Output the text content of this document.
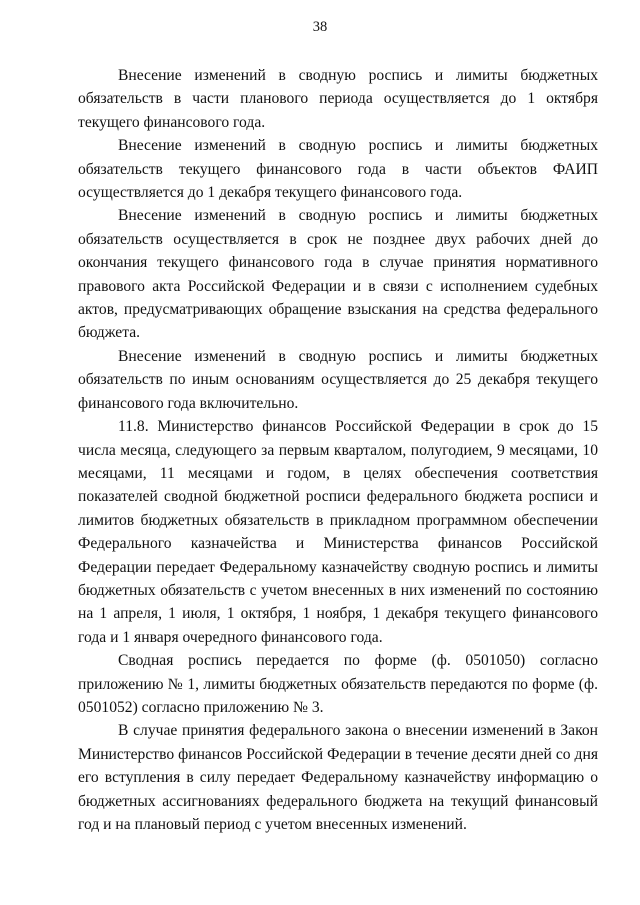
38

Внесение изменений в сводную роспись и лимиты бюджетных обязательств в части планового периода осуществляется до 1 октября текущего финансового года.

Внесение изменений в сводную роспись и лимиты бюджетных обязательств текущего финансового года в части объектов ФАИП осуществляется до 1 декабря текущего финансового года.

Внесение изменений в сводную роспись и лимиты бюджетных обязательств осуществляется в срок не позднее двух рабочих дней до окончания текущего финансового года в случае принятия нормативного правового акта Российской Федерации и в связи с исполнением судебных актов, предусматривающих обращение взыскания на средства федерального бюджета.

Внесение изменений в сводную роспись и лимиты бюджетных обязательств по иным основаниям осуществляется до 25 декабря текущего финансового года включительно.

11.8. Министерство финансов Российской Федерации в срок до 15 числа месяца, следующего за первым кварталом, полугодием, 9 месяцами, 10 месяцами, 11 месяцами и годом, в целях обеспечения соответствия показателей сводной бюджетной росписи федерального бюджета росписи и лимитов бюджетных обязательств в прикладном программном обеспечении Федерального казначейства и Министерства финансов Российской Федерации передает Федеральному казначейству сводную роспись и лимиты бюджетных обязательств с учетом внесенных в них изменений по состоянию на 1 апреля, 1 июля, 1 октября, 1 ноября, 1 декабря текущего финансового года и 1 января очередного финансового года.

Сводная роспись передается по форме (ф. 0501050) согласно приложению № 1, лимиты бюджетных обязательств передаются по форме (ф. 0501052) согласно приложению № 3.

В случае принятия федерального закона о внесении изменений в Закон Министерство финансов Российской Федерации в течение десяти дней со дня его вступления в силу передает Федеральному казначейству информацию о бюджетных ассигнованиях федерального бюджета на текущий финансовый год и на плановый период с учетом внесенных изменений.
